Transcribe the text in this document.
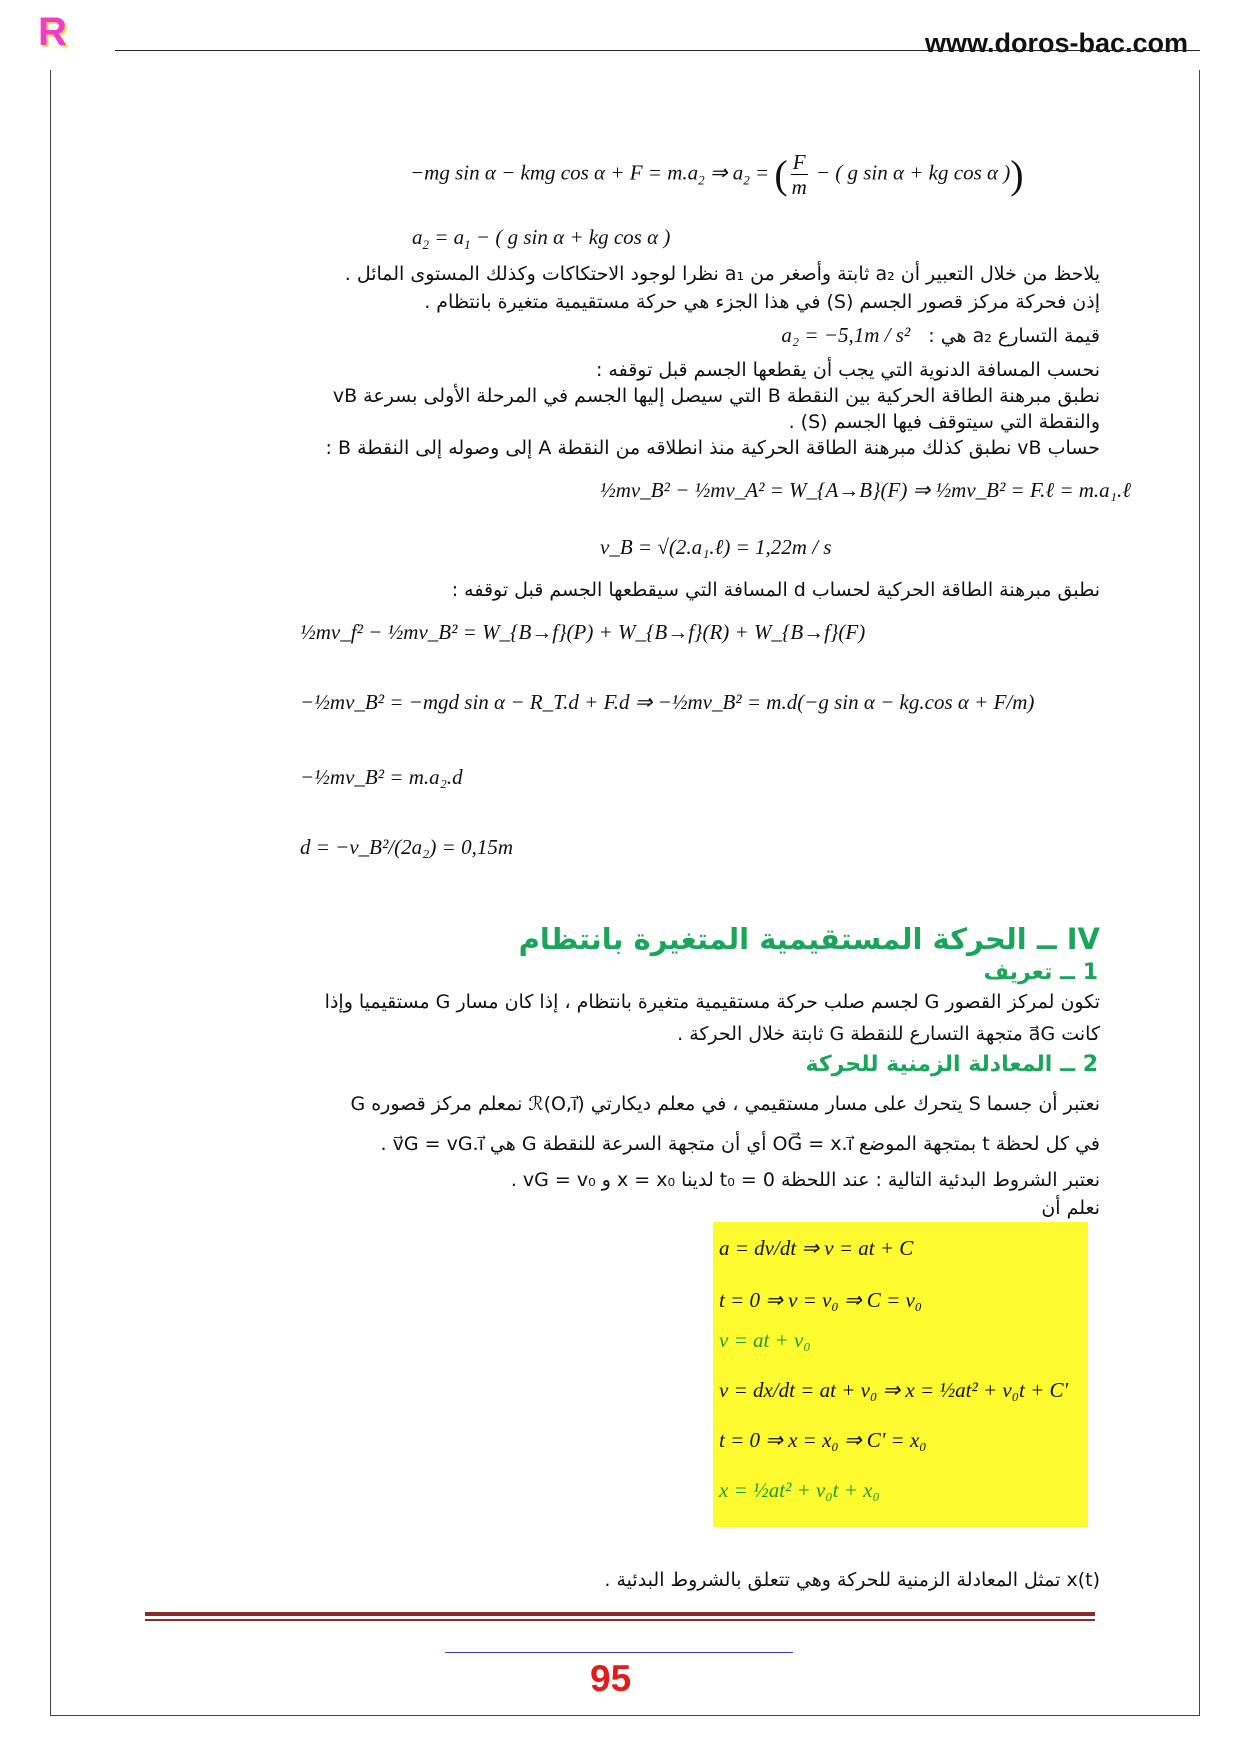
R	www.doros-bac.com
−mg sin α − kmg $\cos \alpha + F = m.a_2$ ⇒ $a_2$ = ( $\frac{F}{m}$ − ( g sin α + kg cos α ))
$a_2 = a_1$ − ( g sin α + kg cos α )
يلاحظ من خلال التعبير أن a₂ ثابتة وأصغر من a₁ نظرا لوجود الاحتكاكات وكذلك المستوى المائل .
إذن فحركة مركز قصور الجسم (S) في هذا الجزء هي حركة مستقيمية متغيرة بانتظام .
قيمة التسارع a₂ هي : a₂ = −5,1m / s²
نحسب المسافة الدنوية التي يجب أن يقطعها الجسم قبل توقفه :
نطبق مبرهنة الطاقة الحركية بين النقطة B التي سيصل إليها الجسم في المرحلة الأولى بسرعة vB
والنقطة التي سيتوقف فيها الجسم (S) .
حساب vB نطبق كذلك مبرهنة الطاقة الحركية منذ انطلاقه من النقطة A إلى وصوله إلى النقطة B :
½mv_B² − ½mv_A² = W_{A→B}(F) ⇒ ½mv_B² = F.ℓ = m.a₁.ℓ
v_B = √(2.a₁.ℓ) = 1,22m / s
نطبق مبرهنة الطاقة الحركية لحساب d المسافة التي سيقطعها الجسم قبل توقفه :
½mv_f² − ½mv_B² = W_{B→f}(P) + W_{B→f}(R) + W_{B→f}(F)
−½mv_B² = −mgd sin α − R_T.d + F.d ⇒ −½mv_B² = m.d(−g sin α − kg.cos α + F/m)
−½mv_B² = m.a₂.d
d = −v_B²/(2a₂) = 0,15m
IV ــ الحركة المستقيمية المتغيرة بانتظام
1 ــ تعريف
تكون لمركز القصور G لجسم صلب حركة مستقيمية متغيرة بانتظام ، إذا كان مسار G مستقيميا وإذا
كانت a⃗G متجهة التسارع للنقطة G ثابتة خلال الحركة .
2 ــ المعادلة الزمنية للحركة
نعتبر أن جسما S يتحرك على مسار مستقيمي ، في معلم ديكارتي ℛ(O,i⃗) نمعلم مركز قصوره G
في كل لحظة t بمتجهة الموضع OG⃗ = x.i⃗ أي أن متجهة السرعة للنقطة G هي v⃗G = vG.i⃗ .
نعتبر الشروط البدئية التالية : عند اللحظة t₀ = 0 لدينا x = x₀ و vG = v₀ .
نعلم أن
a = dv/dt ⇒ v = at + C
t = 0 ⇒ v = v₀ ⇒ C = v₀
v = at + v₀
v = dx/dt = at + v₀ ⇒ x = ½at² + v₀t + C'
t = 0 ⇒ x = x₀ ⇒ C' = x₀
x = ½at² + v₀t + x₀
x(t) تمثل المعادلة الزمنية للحركة وهي تتعلق بالشروط البدئية .
95
